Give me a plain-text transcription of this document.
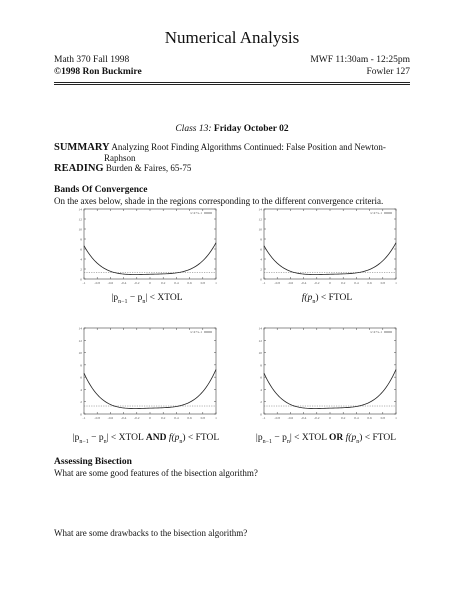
Numerical Analysis
Math 370 Fall 1998
©1998 Ron Buckmire
MWF 11:30am - 12:25pm
Fowler 127
Class 13: Friday October 02
SUMMARY Analyzing Root Finding Algorithms Continued: False Position and Newton-
Raphson
READING Burden & Faires, 65-75
Bands Of Convergence
On the axes below, shade in the regions corresponding to the different convergence criteria.
0
2
4
6
8
10
12
14
-1	-0.8 -0.6 -0.4 -0.2	0	0.2	0.4	0.6	0.8	1
x^4+x-1
0
2
4
6
8
10
12
14
-1	-0.8 -0.6 -0.4 -0.2	0	0.2	0.4	0.6	0.8	1
x^4+x-1
0
2
4
6
8
10
12
14
-1	-0.8 -0.6 -0.4 -0.2	0	0.2	0.4	0.6	0.8	1
x^4+x-1
0
2
4
6
8
10
12
14
-1	-0.8 -0.6 -0.4 -0.2	0	0.2	0.4	0.6	0.8	1
x^4+x-1
$|p_{n-1} - p_n|$ < XTOL	$f(p_n)$ < FTOL
$|p_{n-1} - p_n|$ < XTOL AND $f(p_n)$ < FTOL	$|p_{n-1} - p_n|$ < XTOL OR $f(p_n)$ < FTOL
Assessing Bisection
What are some good features of the bisection algorithm?
What are some drawbacks to the bisection algorithm?
